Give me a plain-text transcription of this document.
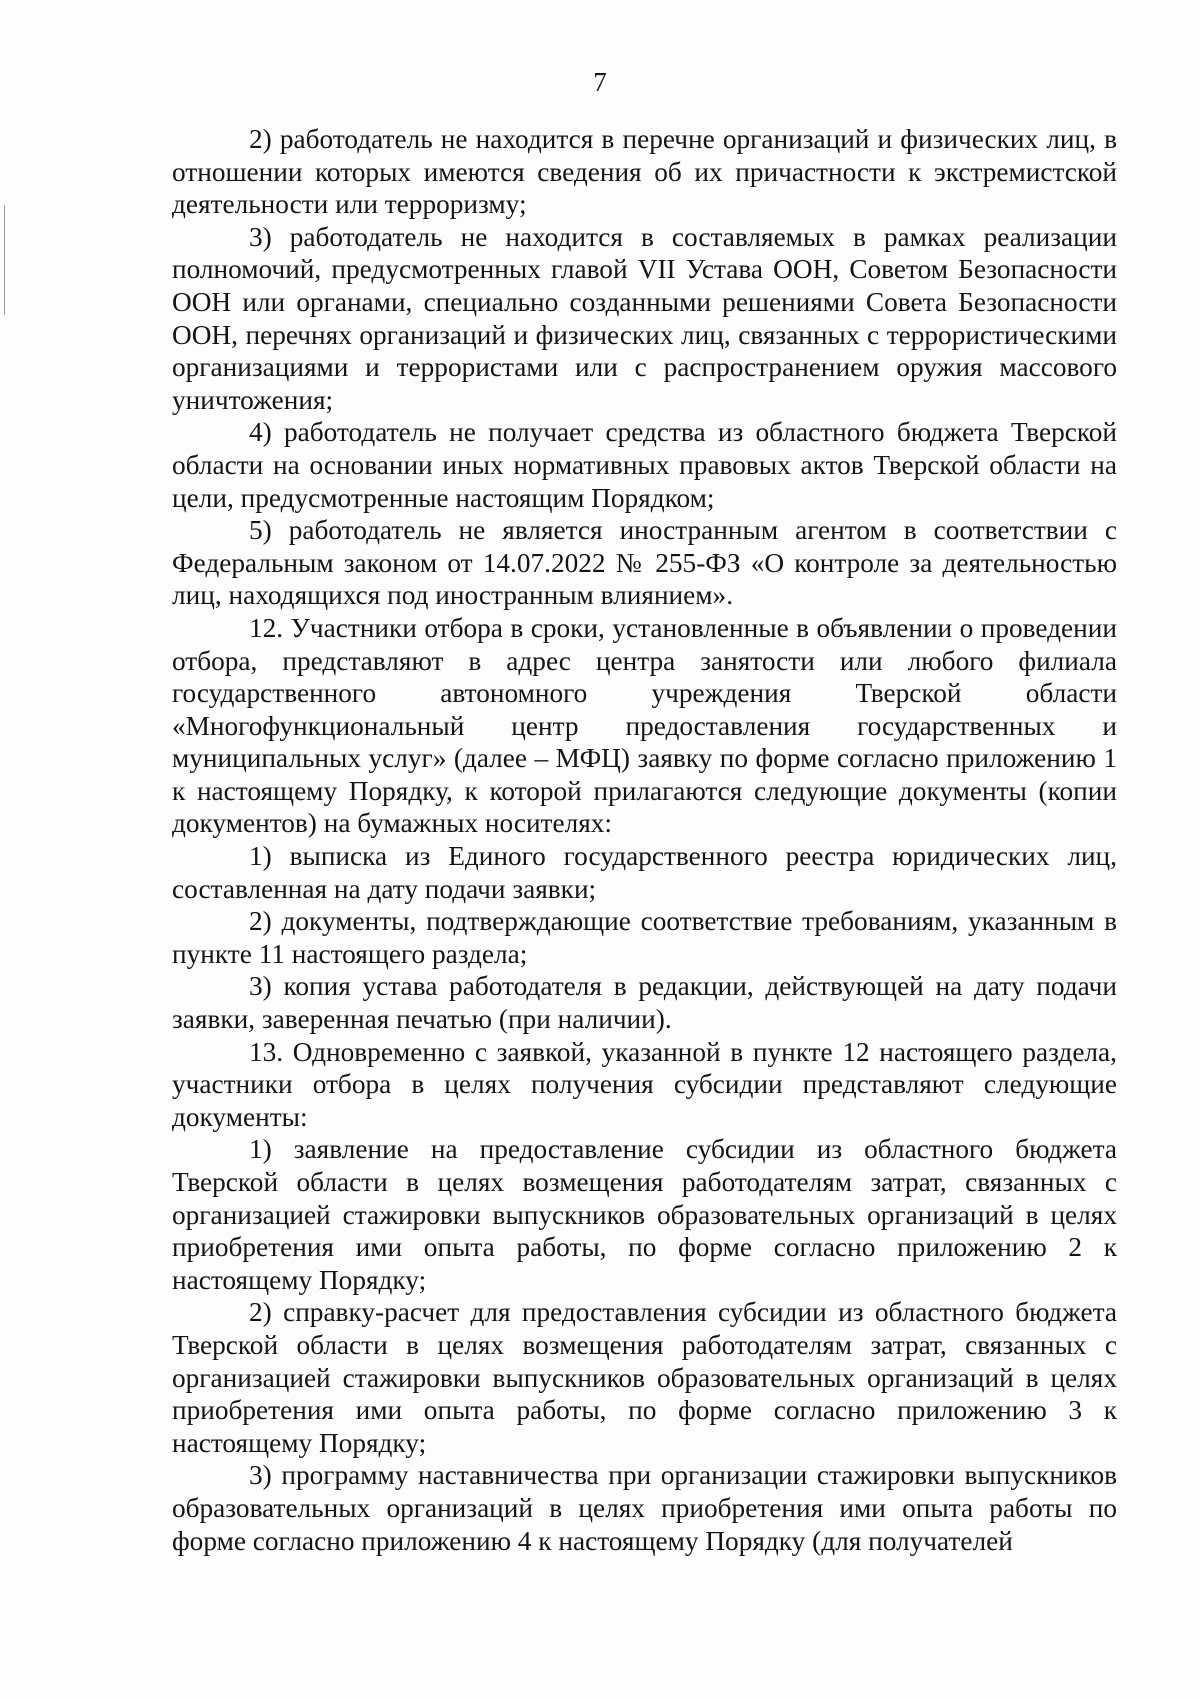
7

2) работодатель не находится в перечне организаций и физических лиц, в отношении которых имеются сведения об их причастности к экстремистской деятельности или терроризму;

3) работодатель не находится в составляемых в рамках реализации полномочий, предусмотренных главой VII Устава ООН, Советом Безопасности ООН или органами, специально созданными решениями Совета Безопасности ООН, перечнях организаций и физических лиц, связанных с террористическими организациями и террористами или с распространением оружия массового уничтожения;

4) работодатель не получает средства из областного бюджета Тверской области на основании иных нормативных правовых актов Тверской области на цели, предусмотренные настоящим Порядком;

5) работодатель не является иностранным агентом в соответствии с Федеральным законом от 14.07.2022 № 255-ФЗ «О контроле за деятельностью лиц, находящихся под иностранным влиянием».

12. Участники отбора в сроки, установленные в объявлении о проведении отбора, представляют в адрес центра занятости или любого филиала государственного автономного учреждения Тверской области «Многофункциональный центр предоставления государственных и муниципальных услуг» (далее – МФЦ) заявку по форме согласно приложению 1 к настоящему Порядку, к которой прилагаются следующие документы (копии документов) на бумажных носителях:

1) выписка из Единого государственного реестра юридических лиц, составленная на дату подачи заявки;

2) документы, подтверждающие соответствие требованиям, указанным в пункте 11 настоящего раздела;

3) копия устава работодателя в редакции, действующей на дату подачи заявки, заверенная печатью (при наличии).

13. Одновременно с заявкой, указанной в пункте 12 настоящего раздела, участники отбора в целях получения субсидии представляют следующие документы:

1) заявление на предоставление субсидии из областного бюджета Тверской области в целях возмещения работодателям затрат, связанных с организацией стажировки выпускников образовательных организаций в целях приобретения ими опыта работы, по форме согласно приложению 2 к настоящему Порядку;

2) справку-расчет для предоставления субсидии из областного бюджета Тверской области в целях возмещения работодателям затрат, связанных с организацией стажировки выпускников образовательных организаций в целях приобретения ими опыта работы, по форме согласно приложению 3 к настоящему Порядку;

3) программу наставничества при организации стажировки выпускников образовательных организаций в целях приобретения ими опыта работы по форме согласно приложению 4 к настоящему Порядку (для получателей
